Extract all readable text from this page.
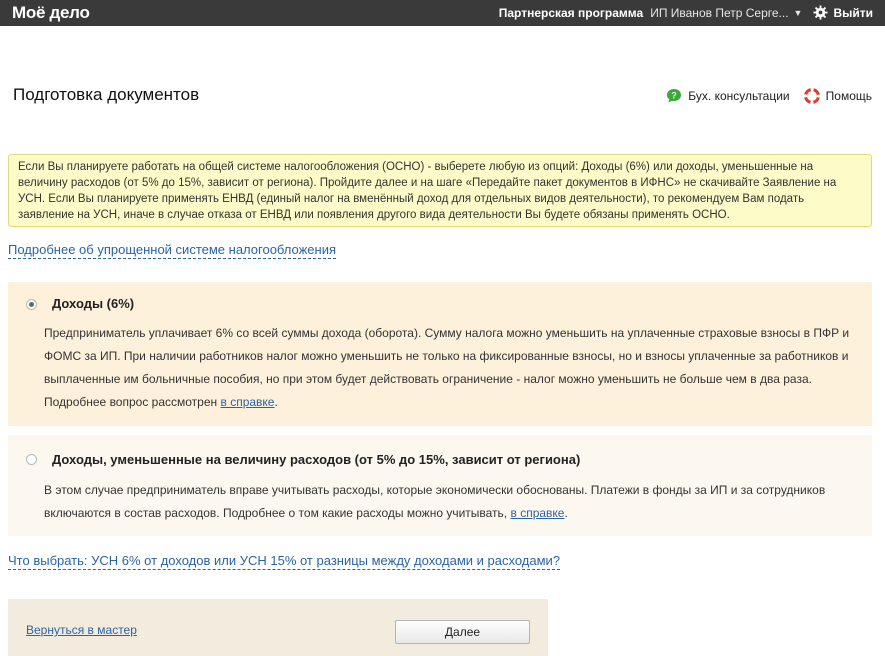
Моё дело	Партнерская программа ИП Иванов Петр Серге... ▼	Выйти
Подготовка документов	? Бух. консультации	Помощь
Если Вы планируете работать на общей системе налогообложения (ОСНО) - выберете любую из опций: Доходы (6%) или доходы, уменьшенные на величину расходов (от 5% до 15%, зависит от региона). Пройдите далее и на шаге «Передайте пакет документов в ИФНС» не скачивайте Заявление на УСН. Если Вы планируете применять ЕНВД (единый налог на вменённый доход для отдельных видов деятельности), то рекомендуем Вам подать заявление на УСН, иначе в случае отказа от ЕНВД или появления другого вида деятельности Вы будете обязаны применять ОСНО.
Подробнее об упрощенной системе налогообложения
Доходы (6%)
Предприниматель уплачивает 6% со всей суммы дохода (оборота). Сумму налога можно уменьшить на уплаченные страховые взносы в ПФР и ФОМС за ИП. При наличии работников налог можно уменьшить не только на фиксированные взносы, но и взносы уплаченные за работников и выплаченные им больничные пособия, но при этом будет действовать ограничение - налог можно уменьшить не больше чем в два раза. Подробнее вопрос рассмотрен в справке.
Доходы, уменьшенные на величину расходов (от 5% до 15%, зависит от региона)
В этом случае предприниматель вправе учитывать расходы, которые экономически обоснованы. Платежи в фонды за ИП и за сотрудников включаются в состав расходов. Подробнее о том какие расходы можно учитывать, в справке.
Что выбрать: УСН 6% от доходов или УСН 15% от разницы между доходами и расходами?
Вернуться в мастер	Далее
